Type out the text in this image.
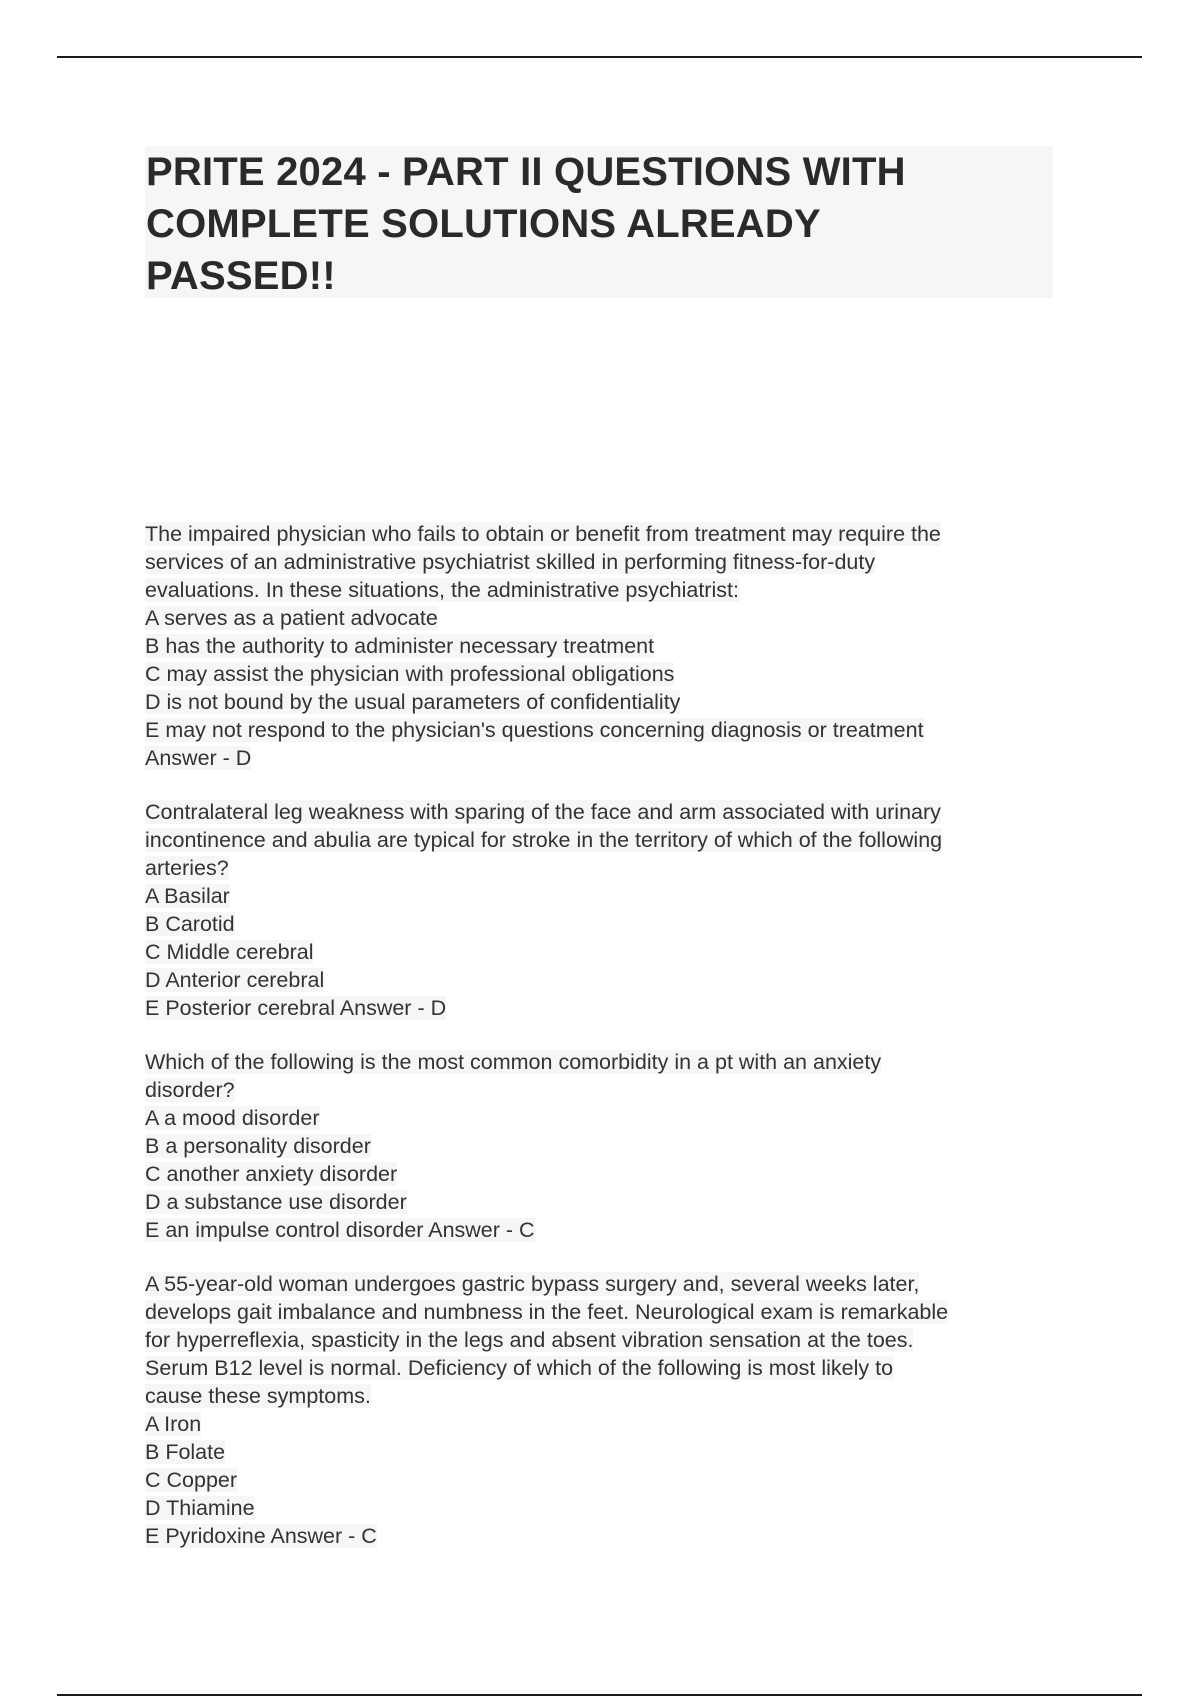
PRITE 2024 - PART II QUESTIONS WITH
COMPLETE SOLUTIONS ALREADY
PASSED!!
The impaired physician who fails to obtain or benefit from treatment may require the
services of an administrative psychiatrist skilled in performing fitness-for-duty
evaluations. In these situations, the administrative psychiatrist:
A serves as a patient advocate
B has the authority to administer necessary treatment
C may assist the physician with professional obligations
D is not bound by the usual parameters of confidentiality
E may not respond to the physician's questions concerning diagnosis or treatment
Answer - D
Contralateral leg weakness with sparing of the face and arm associated with urinary
incontinence and abulia are typical for stroke in the territory of which of the following
arteries?
A Basilar
B Carotid
C Middle cerebral
D Anterior cerebral
E Posterior cerebral Answer - D
Which of the following is the most common comorbidity in a pt with an anxiety
disorder?
A a mood disorder
B a personality disorder
C another anxiety disorder
D a substance use disorder
E an impulse control disorder Answer - C
A 55-year-old woman undergoes gastric bypass surgery and, several weeks later,
develops gait imbalance and numbness in the feet. Neurological exam is remarkable
for hyperreflexia, spasticity in the legs and absent vibration sensation at the toes.
Serum B12 level is normal. Deficiency of which of the following is most likely to
cause these symptoms.
A Iron
B Folate
C Copper
D Thiamine
E Pyridoxine Answer - C
